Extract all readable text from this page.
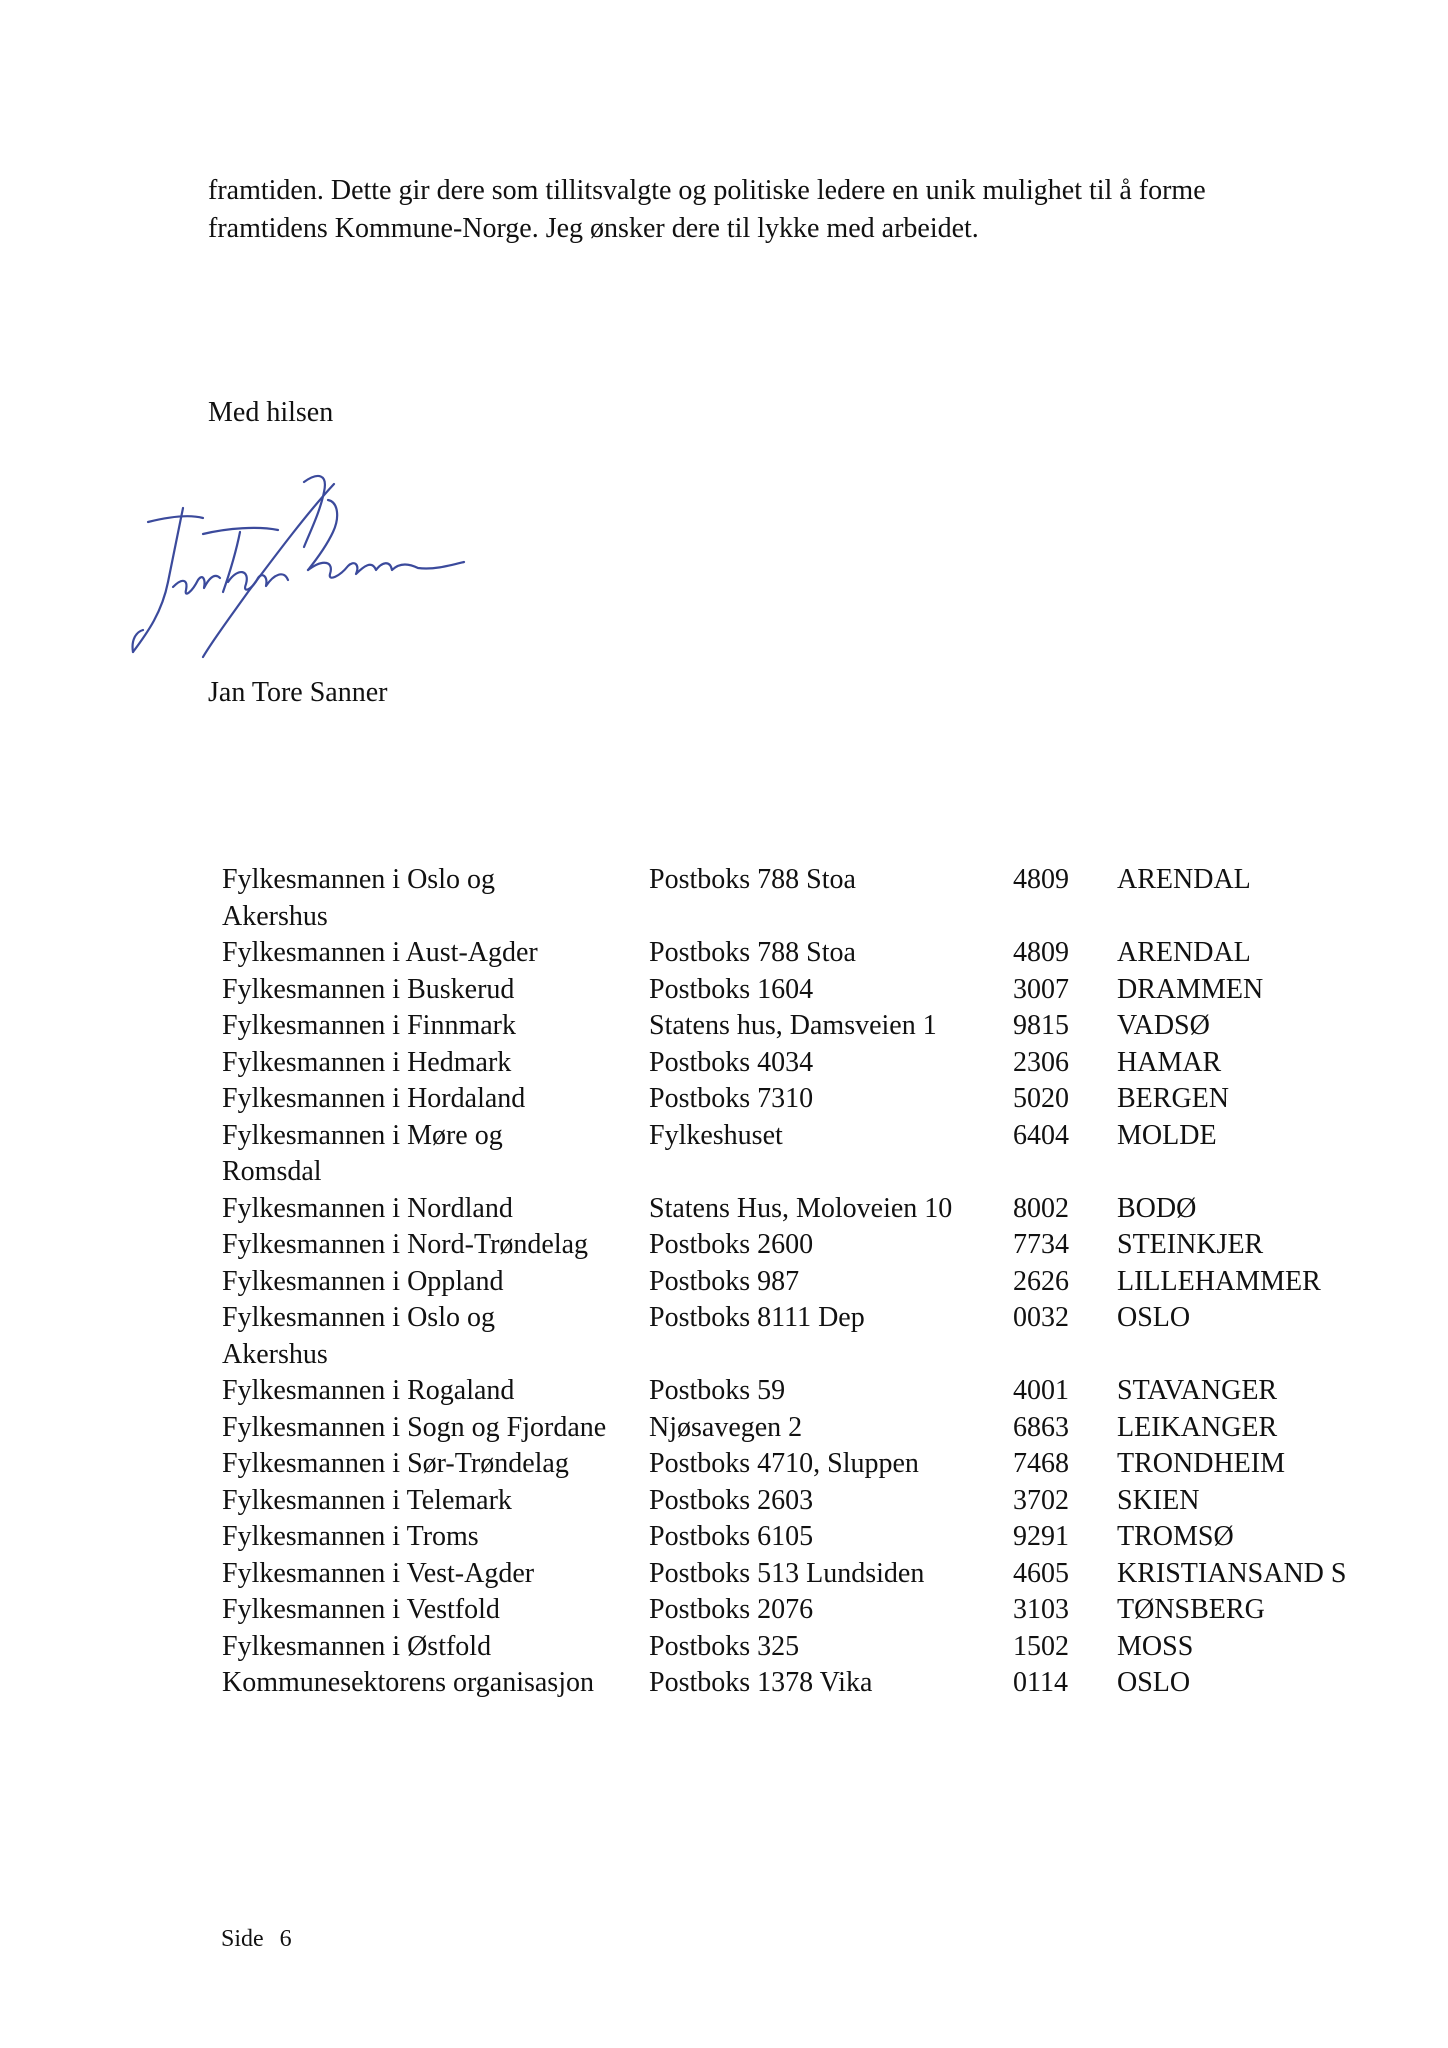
framtiden. Dette gir dere som tillitsvalgte og politiske ledere en unik mulighet til å forme

framtidens Kommune-Norge. Jeg ønsker dere til lykke med arbeidet.

Med hilsen
Jan Tore Sanner
Jan Tore Sanner
Fylkesmannen i Oslo og Akershus	Postboks 788 Stoa	4809	ARENDAL
Fylkesmannen i Aust-Agder	Postboks 788 Stoa	4809	ARENDAL
Fylkesmannen i Buskerud	Postboks 1604	3007	DRAMMEN
Fylkesmannen i Finnmark	Statens hus, Damsveien 1	9815	VADSØ
Fylkesmannen i Hedmark	Postboks 4034	2306	HAMAR
Fylkesmannen i Hordaland	Postboks 7310	5020	BERGEN
Fylkesmannen i Møre og Romsdal	Fylkeshuset	6404	MOLDE
Fylkesmannen i Nordland	Statens Hus, Moloveien 10	8002	BODØ
Fylkesmannen i Nord-Trøndelag	Postboks 2600	7734	STEINKJER
Fylkesmannen i Oppland	Postboks 987	2626	LILLEHAMMER
Fylkesmannen i Oslo og Akershus	Postboks 8111 Dep	0032	OSLO
Fylkesmannen i Rogaland	Postboks 59	4001	STAVANGER
Fylkesmannen i Sogn og Fjordane	Njøsavegen 2	6863	LEIKANGER
Fylkesmannen i Sør-Trøndelag	Postboks 4710, Sluppen	7468	TRONDHEIM
Fylkesmannen i Telemark	Postboks 2603	3702	SKIEN
Fylkesmannen i Troms	Postboks 6105	9291	TROMSØ
Fylkesmannen i Vest-Agder	Postboks 513 Lundsiden	4605	KRISTIANSAND S
Fylkesmannen i Vestfold	Postboks 2076	3103	TØNSBERG
Fylkesmannen i Østfold	Postboks 325	1502	MOSS
Kommunesektorens organisasjon	Postboks 1378 Vika	0114	OSLO
Side 6
